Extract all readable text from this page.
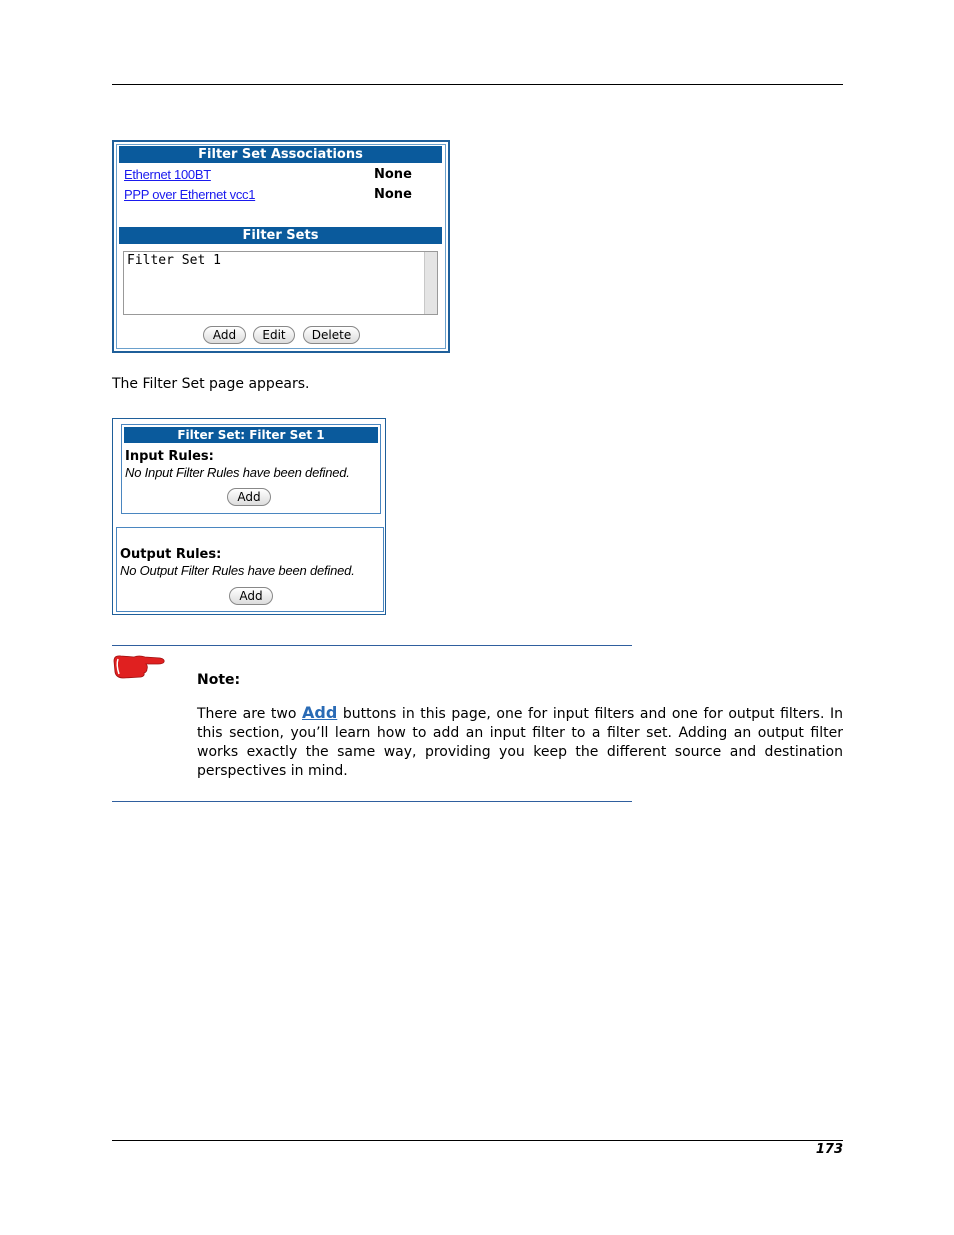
Filter Set Associations
Ethernet 100BT	None
PPP over Ethernet vcc1	None
Filter Sets
Filter Set 1
Add	Edit	Delete
The Filter Set page appears.
Filter Set: Filter Set 1
Input Rules:
No Input Filter Rules have been defined.
Add
Output Rules:
No Output Filter Rules have been defined.
Add
Note:
There are two Add buttons in this page, one for input filters and one for output filters. In this section, you’ll learn how to add an input filter to a filter set. Adding an output filter works exactly the same way, providing you keep the different source and destination perspectives in mind.
173
